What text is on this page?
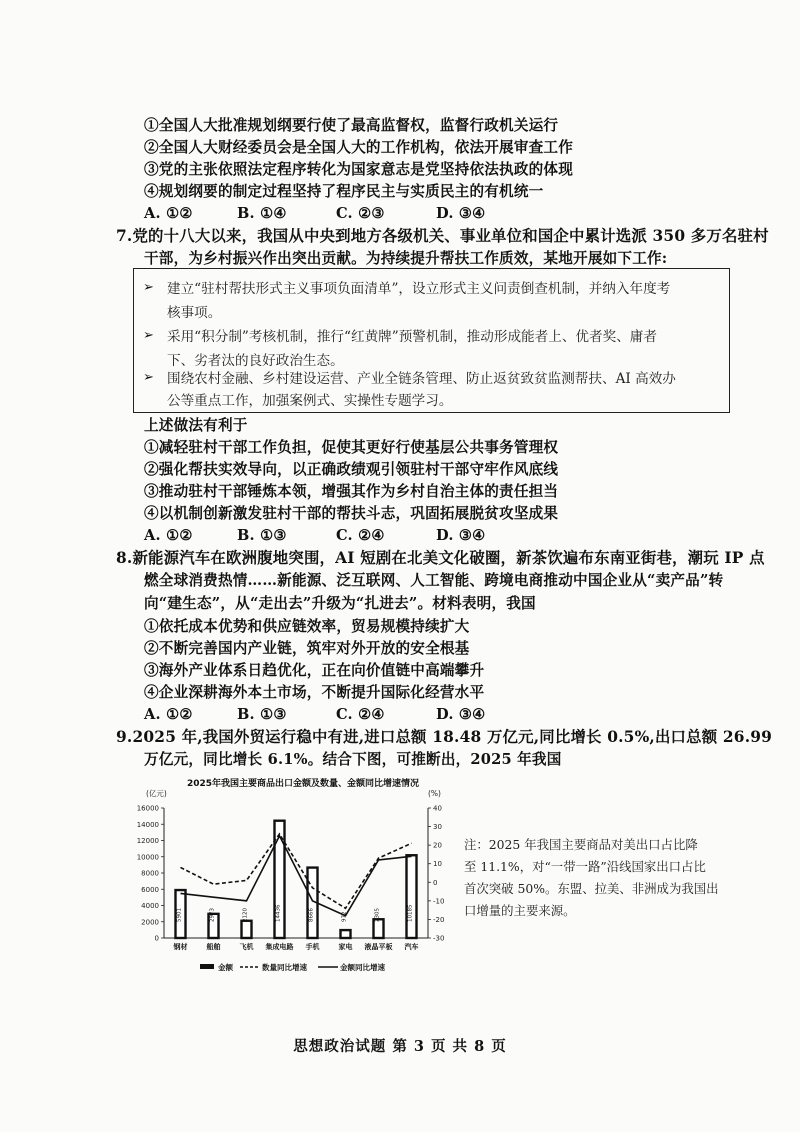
①全国人大批准规划纲要行使了最高监督权，监督行政机关运行
②全国人大财经委员会是全国人大的工作机构，依法开展审查工作
③党的主张依照法定程序转化为国家意志是党坚持依法执政的体现
④规划纲要的制定过程坚持了程序民主与实质民主的有机统一
A. ①②	B. ①④	C. ②③	D. ③④
7.党的十八大以来，我国从中央到地方各级机关、事业单位和国企中累计选派 350 多万名驻村
干部，为乡村振兴作出突出贡献。为持续提升帮扶工作质效，某地开展如下工作:
➢ 建立“驻村帮扶形式主义事项负面清单”，设立形式主义问责倒查机制，并纳入年度考
核事项。
➢ 采用“积分制”考核机制，推行“红黄牌”预警机制，推动形成能者上、优者奖、庸者
下、劣者汰的良好政治生态。
➢ 围绕农村金融、乡村建设运营、产业全链条管理、防止返贫致贫监测帮扶、AI 高效办
公等重点工作，加强案例式、实操性专题学习。
上述做法有利于
①减轻驻村干部工作负担，促使其更好行使基层公共事务管理权
②强化帮扶实效导向，以正确政绩观引领驻村干部守牢作风底线
③推动驻村干部锤炼本领，增强其作为乡村自治主体的责任担当
④以机制创新激发驻村干部的帮扶斗志，巩固拓展脱贫攻坚成果
A. ①②	B. ①③	C. ②④	D. ③④
8.新能源汽车在欧洲腹地突围，AI 短剧在北美文化破圈，新茶饮遍布东南亚街巷，潮玩 IP 点
燃全球消费热情……新能源、泛互联网、人工智能、跨境电商推动中国企业从“卖产品”转
向“建生态”，从“走出去”升级为“扎进去”。材料表明，我国
①依托成本优势和供应链效率，贸易规模持续扩大
②不断完善国内产业链，筑牢对外开放的安全根基
③海外产业体系日趋优化，正在向价值链中高端攀升
④企业深耕海外本土市场，不断提升国际化经营水平
A. ①②	B. ①③	C. ②④	D. ③④
9.2025 年,我国外贸运行稳中有进,进口总额 18.48 万亿元,同比增长 0.5%,出口总额 26.99
万亿元，同比增长 6.1%。结合下图，可推断出，2025 年我国
2025年我国主要商品出口金额及数量、金额同比增速情况
(亿元)	(%)
0
2000
4000
6000
8000
10000
12000
14000
16000
-30
-20
-10
0
10
20
30
40
5901	2973	2120	14436	8666	972	2305	10185
钢材	船舶	飞机 集成电路 手机	家电 液晶平板 汽车
金额	数量同比增速	金额同比增速
注：2025 年我国主要商品对美出口占比降
至 11.1%，对“一带一路”沿线国家出口占比
首次突破 50%。东盟、拉美、非洲成为我国出
口增量的主要来源。
思想政治试题 第 3 页 共 8 页
